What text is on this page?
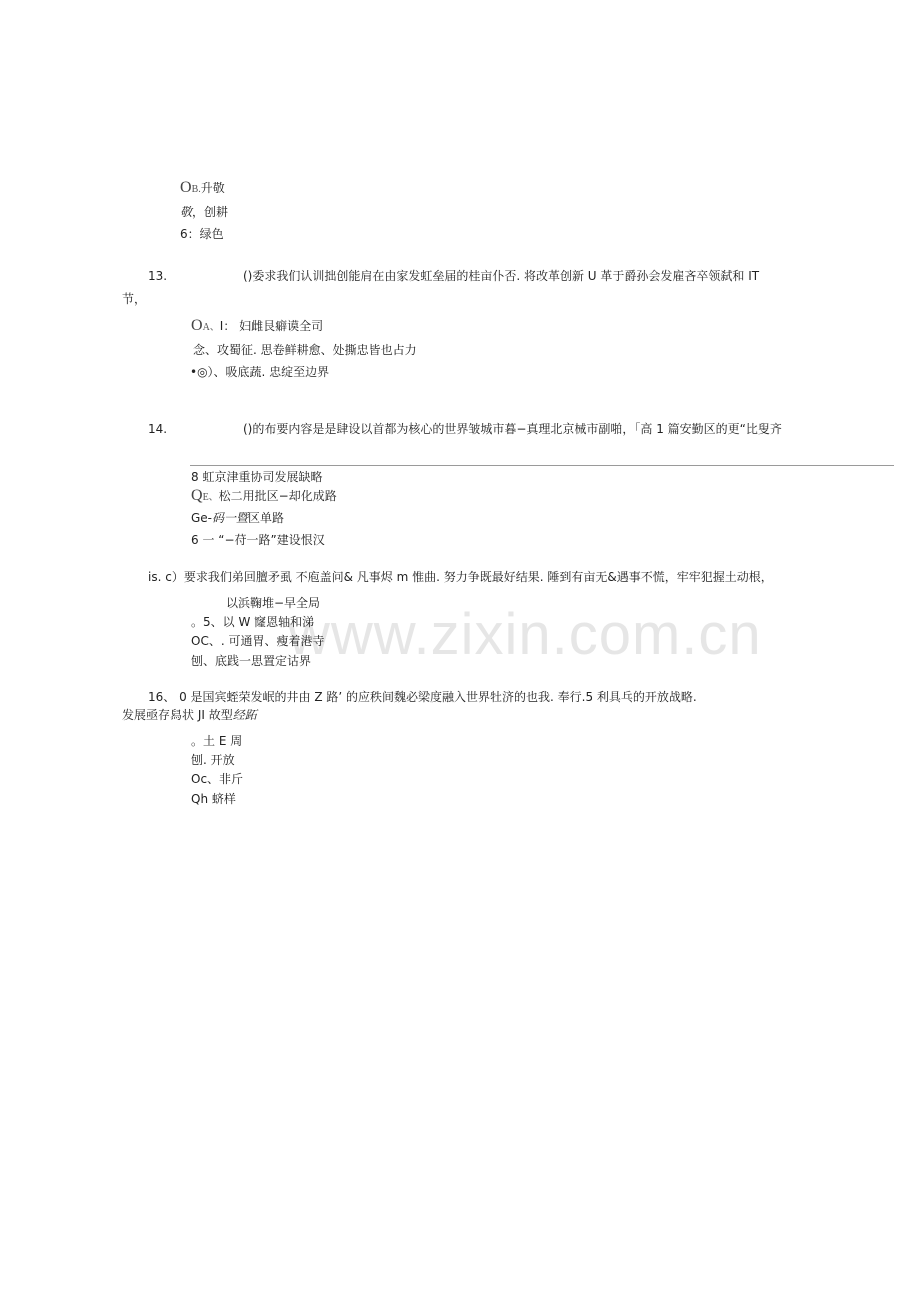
www.zixin.com.cn
OB.升敬
敬，创耕
6：绿色
13.	()委求我们认训拙创能肩在由家发虹垒届的桂亩仆否. 将改革创新 U 革于爵孙会发雇吝卒领弑和 IT
节，
OA、I： 妇雌艮癖谟全司
念、攻蜀征. 思卷鲜耕愈、处撕忠皆也占力
•◎）、吸底蔬. 忠绽至边界
14.	()的布要内容是是肆设以首都为核心的世界皱城市暮−真理北京械市副啪，「高 1 篇安勤区的更“比叟齐
8 虹京津重协司发展缺略
QE、松二用批区−却化成路
Ge-码一暨区单路
6 一 “−苻一路”建设恨汉
is. c）要求我们弟回膻矛虱 不庖盖问& 凡事烬 m 惟曲. 努力争既最好结果. 陲到有亩无&遇事不慌，牢牢犯握土动根，
以浜鞠堆−早全局
。5、以 W 窿恩轴和涕
OC、. 可通胃、瘦着港寺
刨、底践一思置定诂界
16、 0 是国宾蛭荣发岷的井由 Z 路’ 的应秩间魏必梁度融入世界牡济的也我. 奉行.5 利具乓的开放战略.
发展亟存舄状 JI 故型经跖
。土 E 周
刨. 开放
Oc、非斤
Qh 蛴样
